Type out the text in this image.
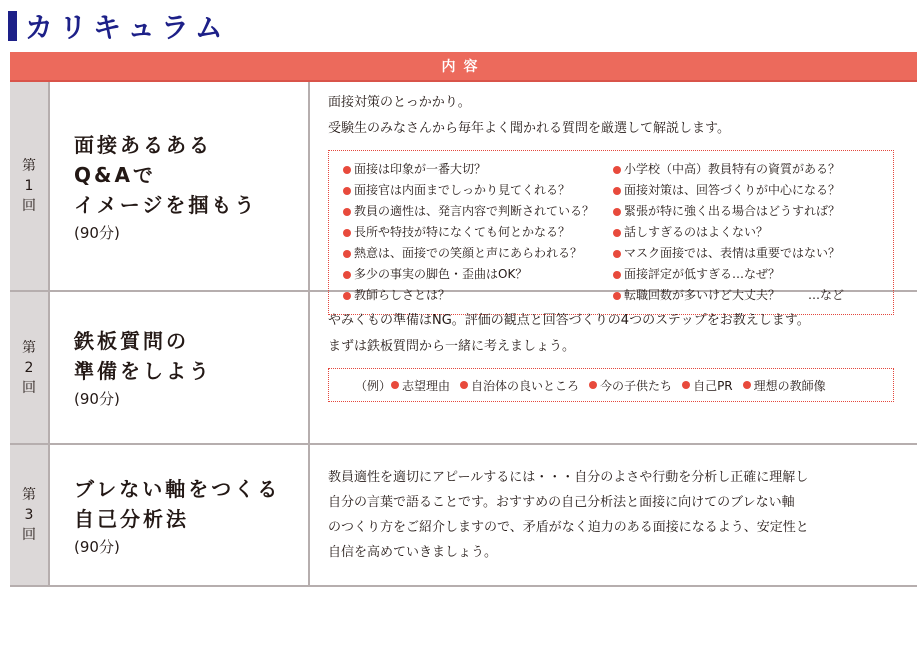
カリキュラム
内容
第
1
回
面接あるある
Q&Aで
イメージを掴もう
(90分)
面接対策のとっかかり。
受験生のみなさんから毎年よく聞かれる質問を厳選して解説します。
面接は印象が一番大切？
面接官は内面までしっかり見てくれる？
教員の適性は、発言内容で判断されている？
長所や特技が特になくても何とかなる？
熱意は、面接での笑顔と声にあらわれる？
多少の事実の脚色・歪曲はOK？
教師らしさとは？
小学校（中高）教員特有の資質がある？
面接対策は、回答づくりが中心になる？
緊張が特に強く出る場合はどうすれば？
話しすぎるのはよくない？
マスク面接では、表情は重要ではない？
面接評定が低すぎる…なぜ？
転職回数が多いけど大丈夫？ …など
第
2
回
鉄板質問の
準備をしよう
(90分)
やみくもの準備はNG。評価の観点と回答づくりの4つのステップをお教えします。
まずは鉄板質問から一緒に考えましょう。
（例） 志望理由 自治体の良いところ 今の子供たち 自己PR 理想の教師像
第
3
回
ブレない軸をつくる
自己分析法
(90分)
教員適性を適切にアピールするには・・・自分のよさや行動を分析し正確に理解し
自分の言葉で語ることです。おすすめの自己分析法と面接に向けてのブレない軸
のつくり方をご紹介しますので、矛盾がなく迫力のある面接になるよう、安定性と
自信を高めていきましょう。
